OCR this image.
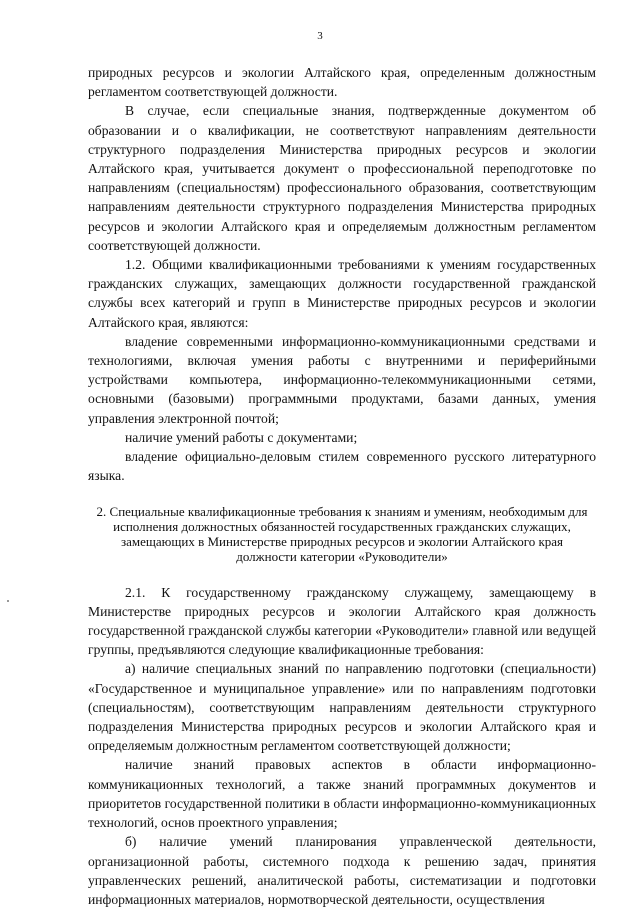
3

природных ресурсов и экологии Алтайского края, определенным должностным регламентом соответствующей должности.

В случае, если специальные знания, подтвержденные документом об образовании и о квалификации, не соответствуют направлениям деятельности структурного подразделения Министерства природных ресурсов и экологии Алтайского края, учитывается документ о профессиональной переподготовке по направлениям (специальностям) профессионального образования, соответствующим направлениям деятельности структурного подразделения Министерства природных ресурсов и экологии Алтайского края и определяемым должностным регламентом соответствующей должности.

1.2. Общими квалификационными требованиями к умениям государственных гражданских служащих, замещающих должности государственной гражданской службы всех категорий и групп в Министерстве природных ресурсов и экологии Алтайского края, являются:

владение современными информационно-коммуникационными средствами и технологиями, включая умения работы с внутренними и периферийными устройствами компьютера, информационно-телекоммуникационными сетями, основными (базовыми) программными продуктами, базами данных, умения управления электронной почтой;

наличие умений работы с документами;

владение официально-деловым стилем современного русского литературного языка.

2. Специальные квалификационные требования к знаниям и умениям, необходимым для исполнения должностных обязанностей государственных гражданских служащих, замещающих в Министерстве природных ресурсов и экологии Алтайского края должности категории «Руководители»

2.1. К государственному гражданскому служащему, замещающему в Министерстве природных ресурсов и экологии Алтайского края должность государственной гражданской службы категории «Руководители» главной или ведущей группы, предъявляются следующие квалификационные требования:

а) наличие специальных знаний по направлению подготовки (специальности) «Государственное и муниципальное управление» или по направлениям подготовки (специальностям), соответствующим направлениям деятельности структурного подразделения Министерства природных ресурсов и экологии Алтайского края и определяемым должностным регламентом соответствующей должности;

наличие знаний правовых аспектов в области информационно-коммуникационных технологий, а также знаний программных документов и приоритетов государственной политики в области информационно-коммуникационных технологий, основ проектного управления;

б) наличие умений планирования управленческой деятельности, организационной работы, системного подхода к решению задач, принятия управленческих решений, аналитической работы, систематизации и подготовки информационных материалов, нормотворческой деятельности, осуществления
